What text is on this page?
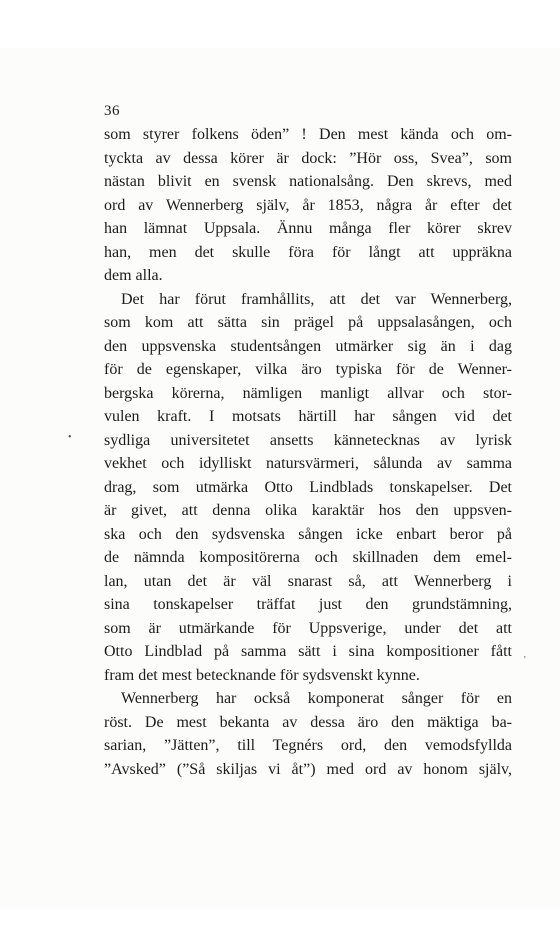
36
som styrer folkens öden” ! Den mest kända och om-
tyckta av dessa körer är dock: ”Hör oss, Svea”, som
nästan blivit en svensk nationalsång. Den skrevs, med
ord av Wennerberg själv, år 1853, några år efter det
han lämnat Uppsala. Ännu många fler körer skrev
han, men det skulle föra för långt att uppräkna
dem alla.
Det har förut framhållits, att det var Wennerberg,
som kom att sätta sin prägel på uppsalasången, och
den uppsvenska studentsången utmärker sig än i dag
för de egenskaper, vilka äro typiska för de Wenner-
bergska körerna, nämligen manligt allvar och stor-
vulen kraft. I motsats härtill har sången vid det
sydliga universitetet ansetts kännetecknas av lyrisk
vekhet och idylliskt natursvärmeri, sålunda av samma
drag, som utmärka Otto Lindblads tonskapelser. Det
är givet, att denna olika karaktär hos den uppsven-
ska och den sydsvenska sången icke enbart beror på
de nämnda kompositörerna och skillnaden dem emel-
lan, utan det är väl snarast så, att Wennerberg i
sina tonskapelser träffat just den grundstämning,
som är utmärkande för Uppsverige, under det att
Otto Lindblad på samma sätt i sina kompositioner fått
fram det mest betecknande för sydsvenskt kynne.
Wennerberg har också komponerat sånger för en
röst. De mest bekanta av dessa äro den mäktiga ba-
sarian, ”Jätten”, till Tegnérs ord, den vemodsfyllda
”Avsked” (”Så skiljas vi åt”) med ord av honom själv,
•
'
